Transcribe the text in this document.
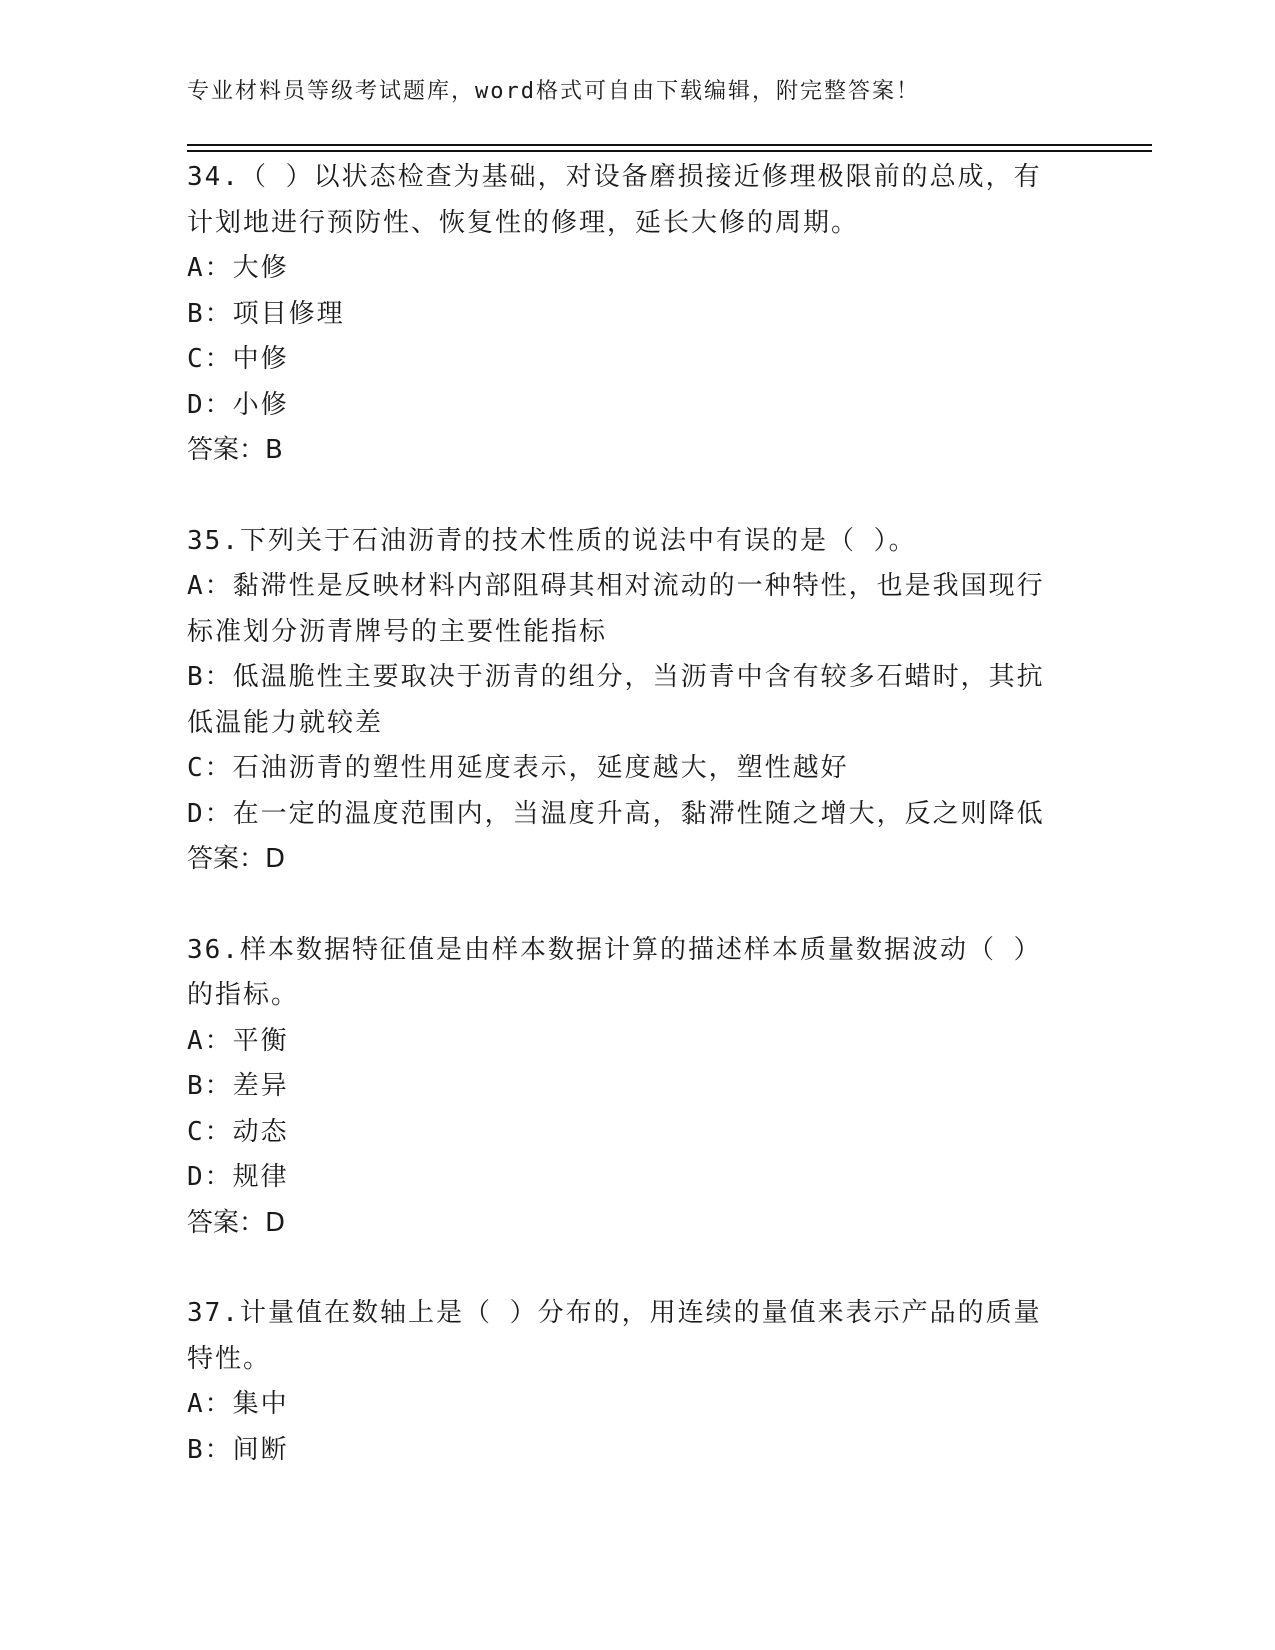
专业材料员等级考试题库，word格式可自由下载编辑，附完整答案！
34.（ ）以状态检查为基础，对设备磨损接近修理极限前的总成，有
计划地进行预防性、恢复性的修理，延长大修的周期。
A：大修
B：项目修理
C：中修
D：小修
答案：B
35.下列关于石油沥青的技术性质的说法中有误的是（ ）。
A：黏滞性是反映材料内部阻碍其相对流动的一种特性，也是我国现行
标准划分沥青牌号的主要性能指标
B：低温脆性主要取决于沥青的组分，当沥青中含有较多石蜡时，其抗
低温能力就较差
C：石油沥青的塑性用延度表示，延度越大，塑性越好
D：在一定的温度范围内，当温度升高，黏滞性随之增大，反之则降低
答案：D
36.样本数据特征值是由样本数据计算的描述样本质量数据波动（ ）
的指标。
A：平衡
B：差异
C：动态
D：规律
答案：D
37.计量值在数轴上是（ ）分布的，用连续的量值来表示产品的质量
特性。
A：集中
B：间断
